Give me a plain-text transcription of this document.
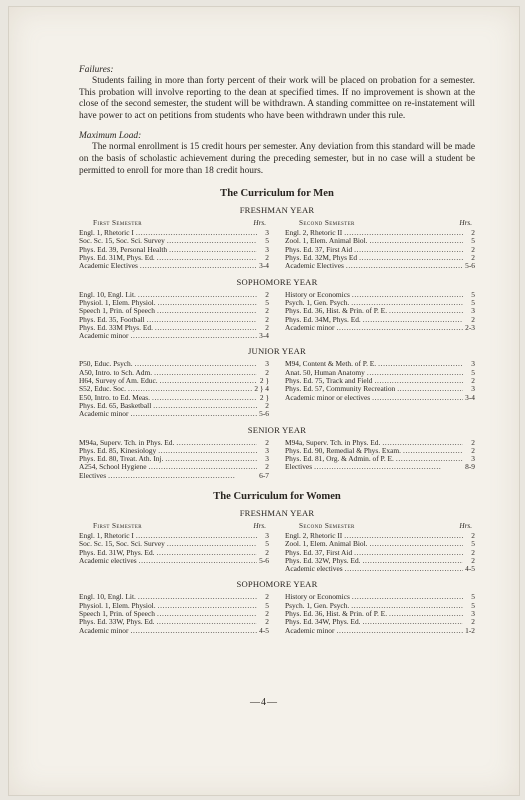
Failures:

Students failing in more than forty percent of their work will be placed on probation for a semester. This probation will involve reporting to the dean at specified times. If no improvement is shown at the close of the second semester, the student will be withdrawn. A standing committee on re-instatement will have power to act on petitions from students who have been withdrawn under this rule.

Maximum Load:

The normal enrollment is 15 credit hours per semester. Any deviation from this standard will be made on the basis of scholastic achievement during the preceding semester, but in no case will a student be permitted to enroll for more than 18 credit hours.

The Curriculum for Men
FRESHMAN YEAR
First Semester	Hrs.
Engl. 1, Rhetoric I . . .	3
Soc. Sc. 15, Soc. Sci. Survey . . .	5
Phys. Ed. 39, Personal Health . . .	3
Phys. Ed. 31M, Phys. Ed. . . .	2
Academic Electives . . .	3-4
Second Semester	Hrs.
Engl. 2, Rhetoric II . . .	2
Zool. 1, Elem. Animal Biol. . . .	5
Phys. Ed. 37, First Aid . . .	2
Phys. Ed. 32M, Phys Ed . . .	2
Academic Electives . . .	5-6
SOPHOMORE YEAR
Engl. 10, Engl. Lit. . . .	2
Physiol. 1, Elem. Physiol. . . .	5
Speech 1, Prin. of Speech . . .	2
Phys. Ed. 35, Football . . .	2
Phys. Ed. 33M Phys. Ed. . . .	2
Academic minor . . .	3-4
History or Economics . . .	5
Psych. 1, Gen. Psych. . . .	5
Phys. Ed. 36, Hist. & Prin. of P. E. . . .	3
Phys. Ed. 34M, Phys. Ed. . . .	2
Academic minor . . .	2-3
JUNIOR YEAR
P50, Educ. Psych. . . .	3
A50, Intro. to Sch. Adm. . . .	2
H64, Survey of Am. Educ. . . .	2 }
S52, Educ. Soc. . . .	2 } 4
E50, Intro. to Ed. Meas. . . .	2 }
Phys. Ed. 65, Basketball . . .	2
Academic minor . . .	5-6
M94, Content & Meth. of P. E. . . .	3
Anat. 50, Human Anatomy . . .	5
Phys. Ed. 75, Track and Field . . .	2
Phys. Ed. 57, Community Recreation . . .	3
Academic minor or electives . . .	3-4
SENIOR YEAR
M94a, Superv. Tch. in Phys. Ed. . . .	2
Phys. Ed. 85, Kinesiology . . .	3
Phys. Ed. 80, Treat. Ath. Inj. . . .	3
A254, School Hygiene . . .	2
Electives . . .	6-7
M94a, Superv. Tch. in Phys. Ed. . . .	2
Phys. Ed. 90, Remedial & Phys. Exam. . . .	2
Phys. Ed. 81, Org. & Admin. of P. E. . . .	3
Electives . . .	8-9
The Curriculum for Women
FRESHMAN YEAR
First Semester	Hrs.
Engl. 1, Rhetoric I . . .	3
Soc. Sc. 15, Soc. Sci. Survey . . .	5
Phys. Ed. 31W, Phys. Ed. . . .	2
Academic electives . . .	5-6
Second Semester	Hrs.
Engl. 2, Rhetoric II . . .	2
Zool. 1, Elem. Animal Biol. . . .	5
Phys. Ed. 37, First Aid . . .	2
Phys. Ed. 32W, Phys. Ed. . . .	2
Academic electives . . .	4-5
SOPHOMORE YEAR
Engl. 10, Engl. Lit. . . .	2
Physiol. 1, Elem. Physiol. . . .	5
Speech 1, Prin. of Speech . . .	2
Phys. Ed. 33W, Phys. Ed. . . .	2
Academic minor . . .	4-5
History or Economics . . .	5
Psych. 1, Gen. Psych. . . .	5
Phys. Ed. 36, Hist. & Prin. of P. E. . . .	3
Phys. Ed. 34W, Phys. Ed. . . .	2
Academic minor . . .	1-2
—4—
